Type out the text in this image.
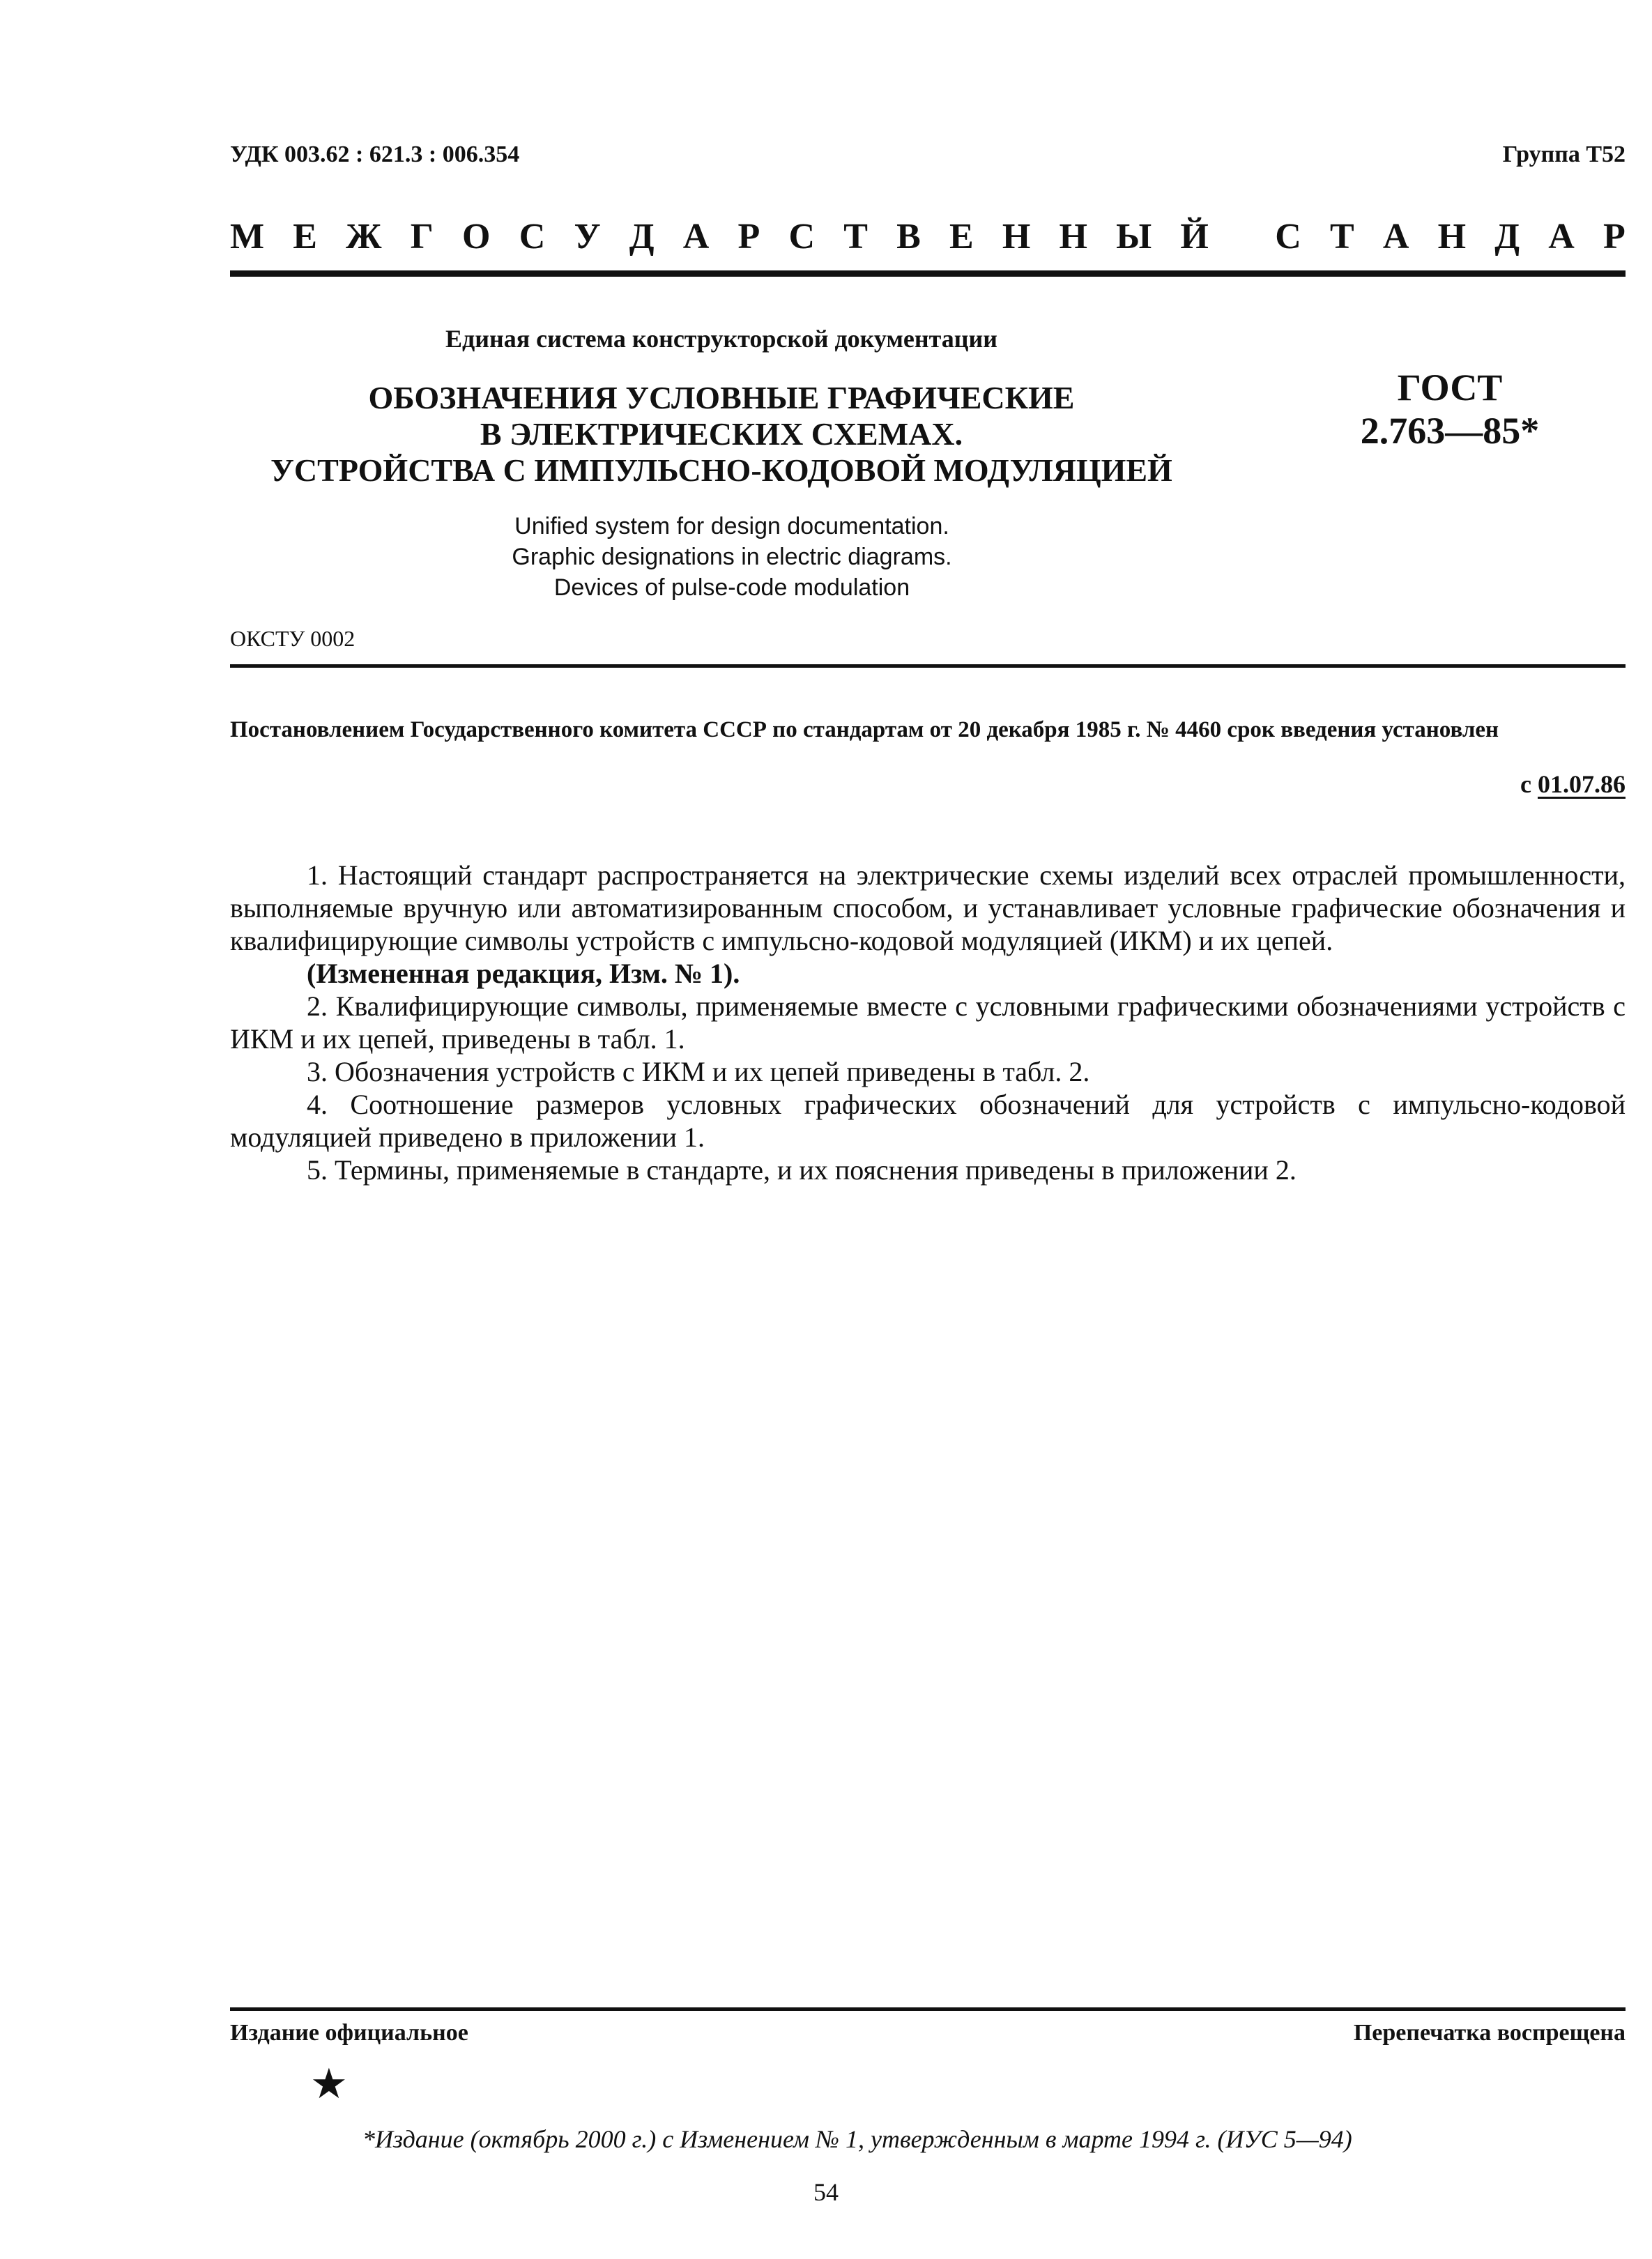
УДК 003.62 : 621.3 : 006.354	Группа Т52
М Е Ж Г О С У Д А Р С Т В Е Н Н Ы Й
С Т А Н Д А Р
Единая система конструкторской документации
ОБОЗНАЧЕНИЯ УСЛОВНЫЕ ГРАФИЧЕСКИЕ
В ЭЛЕКТРИЧЕСКИХ СХЕМАХ.
УСТРОЙСТВА С ИМПУЛЬСНО-КОДОВОЙ МОДУЛЯЦИЕЙ
ГОСТ
2.763—85*
Unified system for design documentation.
Graphic designations in electric diagrams.
Devices of pulse-code modulation
ОКСТУ 0002
Постановлением Государственного комитета СССР по стандартам от 20 декабря 1985 г. № 4460 срок введения установлен
с 01.07.86

1. Настоящий стандарт распространяется на электрические схемы изделий всех отраслей промышленности, выполняемые вручную или автоматизированным способом, и устанавливает условные графические обозначения и квалифицирующие символы устройств с импульсно-кодовой модуляцией (ИКМ) и их цепей.

(Измененная редакция, Изм. № 1).

2. Квалифицирующие символы, применяемые вместе с условными графическими обозначениями устройств с ИКМ и их цепей, приведены в табл. 1.

3. Обозначения устройств с ИКМ и их цепей приведены в табл. 2.

4. Соотношение размеров условных графических обозначений для устройств с импульсно-кодовой модуляцией приведено в приложении 1.

5. Термины, применяемые в стандарте, и их пояснения приведены в приложении 2.

Издание официальное	Перепечатка воспрещена
★
*Издание (октябрь 2000 г.) с Изменением № 1, утвержденным в марте 1994 г. (ИУС 5—94)
54
